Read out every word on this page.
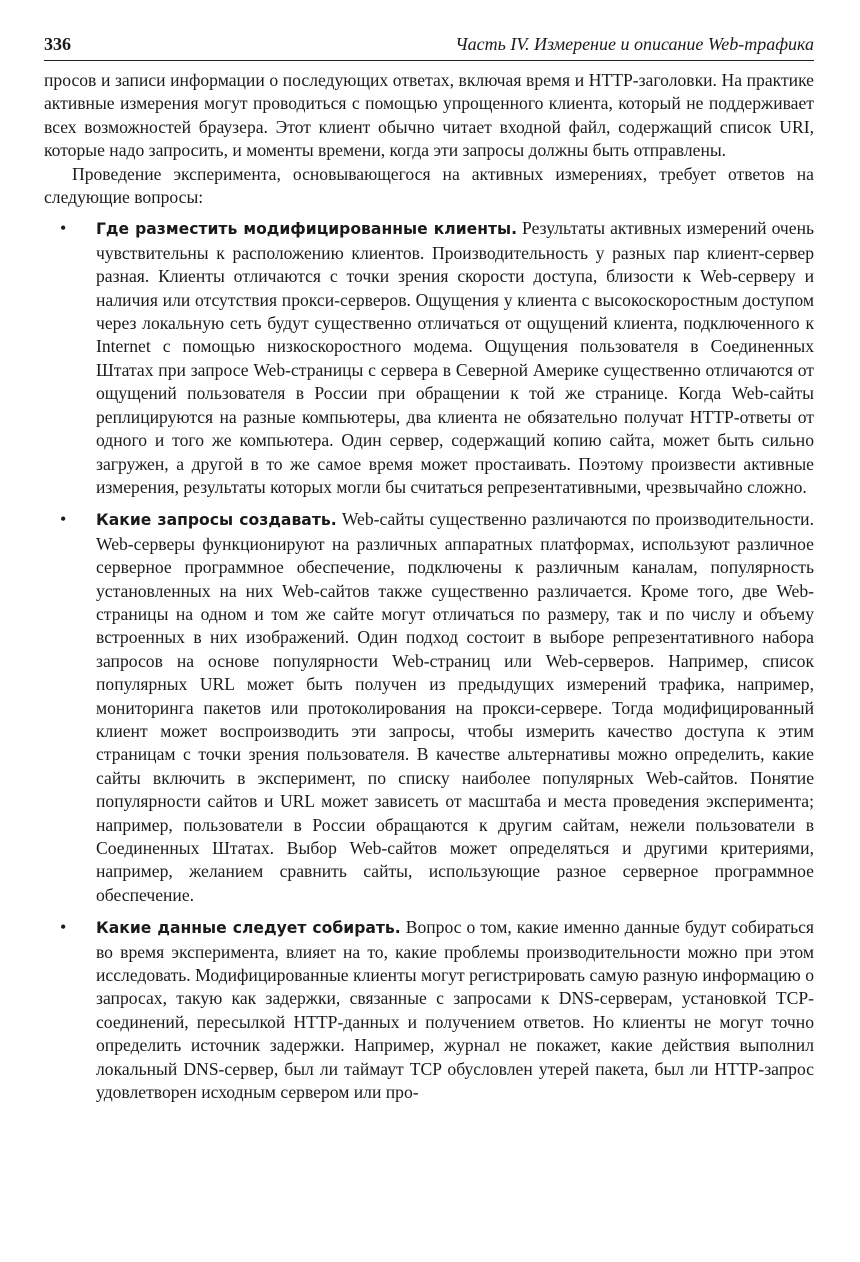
336	Часть IV. Измерение и описание Web-трафика

просов и записи информации о последующих ответах, включая время и HTTP-заголовки. На практике активные измерения могут проводиться с помощью упрощенного клиента, который не поддерживает всех возможностей браузера. Этот клиент обычно читает входной файл, содержащий список URI, которые надо запросить, и моменты времени, когда эти запросы должны быть отправлены.

Проведение эксперимента, основывающегося на активных измерениях, требует ответов на следующие вопросы:

• Где разместить модифицированные клиенты. Результаты активных измерений очень чувствительны к расположению клиентов. Производительность у разных пар клиент-сервер разная. Клиенты отличаются с точки зрения скорости доступа, близости к Web-серверу и наличия или отсутствия прокси-серверов. Ощущения у клиента с высокоскоростным доступом через локальную сеть будут существенно отличаться от ощущений клиента, подключенного к Internet с помощью низкоскоростного модема. Ощущения пользователя в Соединенных Штатах при запросе Web-страницы с сервера в Северной Америке существенно отличаются от ощущений пользователя в России при обращении к той же странице. Когда Web-сайты реплицируются на разные компьютеры, два клиента не обязательно получат HTTP-ответы от одного и того же компьютера. Один сервер, содержащий копию сайта, может быть сильно загружен, а другой в то же самое время может простаивать. Поэтому произвести активные измерения, результаты которых могли бы считаться репрезентативными, чрезвычайно сложно.
• Какие запросы создавать. Web-сайты существенно различаются по производительности. Web-серверы функционируют на различных аппаратных платформах, используют различное серверное программное обеспечение, подключены к различным каналам, популярность установленных на них Web-сайтов также существенно различается. Кроме того, две Web-страницы на одном и том же сайте могут отличаться по размеру, так и по числу и объему встроенных в них изображений. Один подход состоит в выборе репрезентативного набора запросов на основе популярности Web-страниц или Web-серверов. Например, список популярных URL может быть получен из предыдущих измерений трафика, например, мониторинга пакетов или протоколирования на прокси-сервере. Тогда модифицированный клиент может воспроизводить эти запросы, чтобы измерить качество доступа к этим страницам с точки зрения пользователя. В качестве альтернативы можно определить, какие сайты включить в эксперимент, по списку наиболее популярных Web-сайтов. Понятие популярности сайтов и URL может зависеть от масштаба и места проведения эксперимента; например, пользователи в России обращаются к другим сайтам, нежели пользователи в Соединенных Штатах. Выбор Web-сайтов может определяться и другими критериями, например, желанием сравнить сайты, использующие разное серверное программное обеспечение.
• Какие данные следует собирать. Вопрос о том, какие именно данные будут собираться во время эксперимента, влияет на то, какие проблемы производительности можно при этом исследовать. Модифицированные клиенты могут регистрировать самую разную информацию о запросах, такую как задержки, связанные с запросами к DNS-серверам, установкой TCP-соединений, пересылкой HTTP-данных и получением ответов. Но клиенты не могут точно определить источник задержки. Например, журнал не покажет, какие действия выполнил локальный DNS-сервер, был ли таймаут TCP обусловлен утерей пакета, был ли HTTP-запрос удовлетворен исходным сервером или про-
